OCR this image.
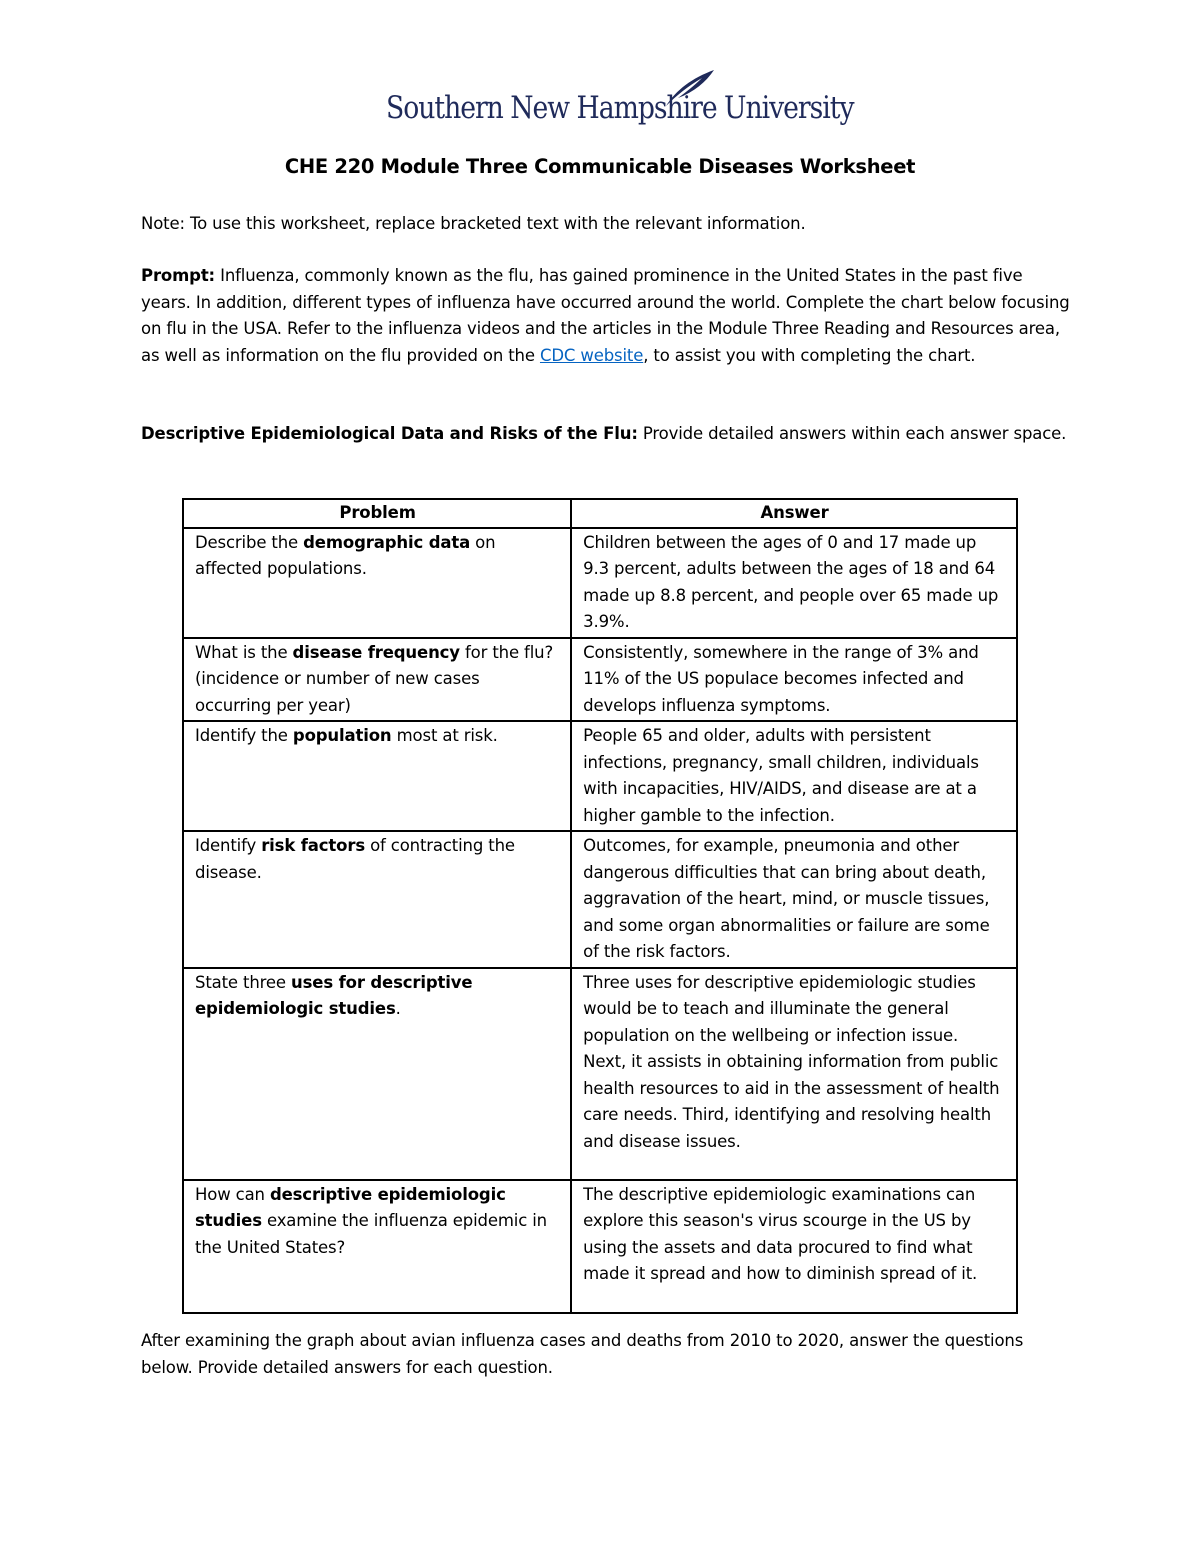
Southern New Hampshire University
CHE 220 Module Three Communicable Diseases Worksheet
Note: To use this worksheet, replace bracketed text with the relevant information.
Prompt: Influenza, commonly known as the flu, has gained prominence in the United States in the past five years. In addition, different types of influenza have occurred around the world. Complete the chart below focusing on flu in the USA. Refer to the influenza videos and the articles in the Module Three Reading and Resources area, as well as information on the flu provided on the CDC website, to assist you with completing the chart.
Descriptive Epidemiological Data and Risks of the Flu: Provide detailed answers within each answer space.
Problem	Answer
Describe the demographic data on affected populations.	Children between the ages of 0 and 17 made up 9.3 percent, adults between the ages of 18 and 64 made up 8.8 percent, and people over 65 made up 3.9%.
What is the disease frequency for the flu? (incidence or number of new cases occurring per year)	Consistently, somewhere in the range of 3% and 11% of the US populace becomes infected and develops influenza symptoms.
Identify the population most at risk.	People 65 and older, adults with persistent infections, pregnancy, small children, individuals with incapacities, HIV/AIDS, and disease are at a higher gamble to the infection.
Identify risk factors of contracting the disease.	Outcomes, for example, pneumonia and other dangerous difficulties that can bring about death, aggravation of the heart, mind, or muscle tissues, and some organ abnormalities or failure are some of the risk factors.
State three uses for descriptive epidemiologic studies.	Three uses for descriptive epidemiologic studies would be to teach and illuminate the general population on the wellbeing or infection issue. Next, it assists in obtaining information from public health resources to aid in the assessment of health care needs. Third, identifying and resolving health and disease issues.
How can descriptive epidemiologic studies examine the influenza epidemic in the United States?	The descriptive epidemiologic examinations can explore this season's virus scourge in the US by using the assets and data procured to find what made it spread and how to diminish spread of it.
After examining the graph about avian influenza cases and deaths from 2010 to 2020, answer the questions below. Provide detailed answers for each question.
